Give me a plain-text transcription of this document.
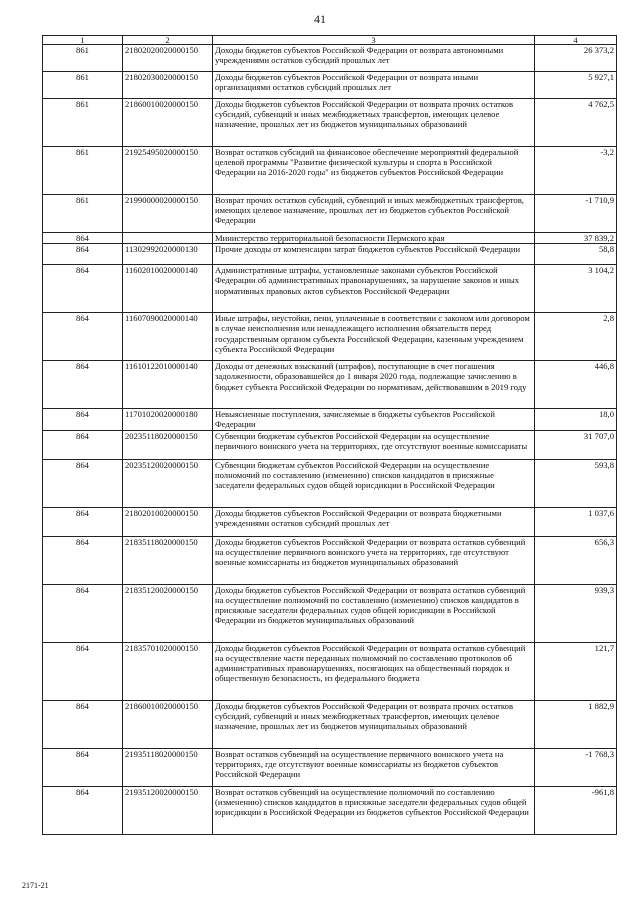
41
1	2	3	4
861	21802020020000150	Доходы бюджетов субъектов Российской Федерации от возврата автономными учреждениями остатков субсидий прошлых лет	26 373,2
861	21802030020000150	Доходы бюджетов субъектов Российской Федерации от возврата иными организациями остатков субсидий прошлых лет	5 927,1
861	21860010020000150	Доходы бюджетов субъектов Российской Федерации от возврата прочих остатков субсидий, субвенций и иных межбюджетных трансфертов, имеющих целевое назначение, прошлых лет из бюджетов муниципальных образований	4 762,5
861	21925495020000150	Возврат остатков субсидий на финансовое обеспечение мероприятий федеральной целевой программы "Развитие физической культуры и спорта в Российской Федерации на 2016-2020 годы" из бюджетов субъектов Российской Федерации	-3,2
861	21990000020000150	Возврат прочих остатков субсидий, субвенций и иных межбюджетных трансфертов, имеющих целевое назначение, прошлых лет из бюджетов субъектов Российской Федерации	-1 710,9
864		Министерство территориальной безопасности Пермского края	37 839,2
864	11302992020000130	Прочие доходы от компенсации затрат бюджетов субъектов Российской Федерации	58,8
864	11602010020000140	Административные штрафы, установленные законами субъектов Российской Федерации об административных правонарушениях, за нарушение законов и иных нормативных правовых актов субъектов Российской Федерации	3 104,2
864	11607090020000140	Иные штрафы, неустойки, пени, уплаченные в соответствии с законом или договором в случае неисполнения или ненадлежащего исполнения обязательств перед государственным органом субъекта Российской Федерации, казенным учреждением субъекта Российской Федерации	2,8
864	11610122010000140	Доходы от денежных взысканий (штрафов), поступающие в счет погашения задолженности, образовавшейся до 1 января 2020 года, подлежащие зачислению в бюджет субъекта Российской Федерации по нормативам, действовавшим в 2019 году	446,8
864	11701020020000180	Невыясненные поступления, зачисляемые в бюджеты субъектов Российской Федерации	18,0
864	20235118020000150	Субвенции бюджетам субъектов Российской Федерации на осуществление первичного воинского учета на территориях, где отсутствуют военные комиссариаты	31 707,0
864	20235120020000150	Субвенции бюджетам субъектов Российской Федерации на осуществление полномочий по составлению (изменению) списков кандидатов в присяжные заседатели федеральных судов общей юрисдикции в Российской Федерации	593,8
864	21802010020000150	Доходы бюджетов субъектов Российской Федерации от возврата бюджетными учреждениями остатков субсидий прошлых лет	1 037,6
864	21835118020000150	Доходы бюджетов субъектов Российской Федерации от возврата остатков субвенций на осуществление первичного воинского учета на территориях, где отсутствуют военные комиссариаты из бюджетов муниципальных образований	656,3
864	21835120020000150	Доходы бюджетов субъектов Российской Федерации от возврата остатков субвенций на осуществление полномочий по составлению (изменению) списков кандидатов в присяжные заседатели федеральных судов общей юрисдикции в Российской Федерации из бюджетов муниципальных образований	939,3
864	21835701020000150	Доходы бюджетов субъектов Российской Федерации от возврата остатков субвенций на осуществление части переданных полномочий по составлению протоколов об административных правонарушениях, посягающих на общественный порядок и общественную безопасность, из федерального бюджета	121,7
864	21860010020000150	Доходы бюджетов субъектов Российской Федерации от возврата прочих остатков субсидий, субвенций и иных межбюджетных трансфертов, имеющих целевое назначение, прошлых лет из бюджетов муниципальных образований	1 882,9
864	21935118020000150	Возврат остатков субвенций на осуществление первичного воинского учета на территориях, где отсутствуют военные комиссариаты из бюджетов субъектов Российской Федерации	-1 768,3
864	21935120020000150	Возврат остатков субвенций на осуществление полномочий по составлению (изменению) списков кандидатов в присяжные заседатели федеральных судов общей юрисдикции в Российской Федерации из бюджетов субъектов Российской Федерации	-961,8
2171-21
